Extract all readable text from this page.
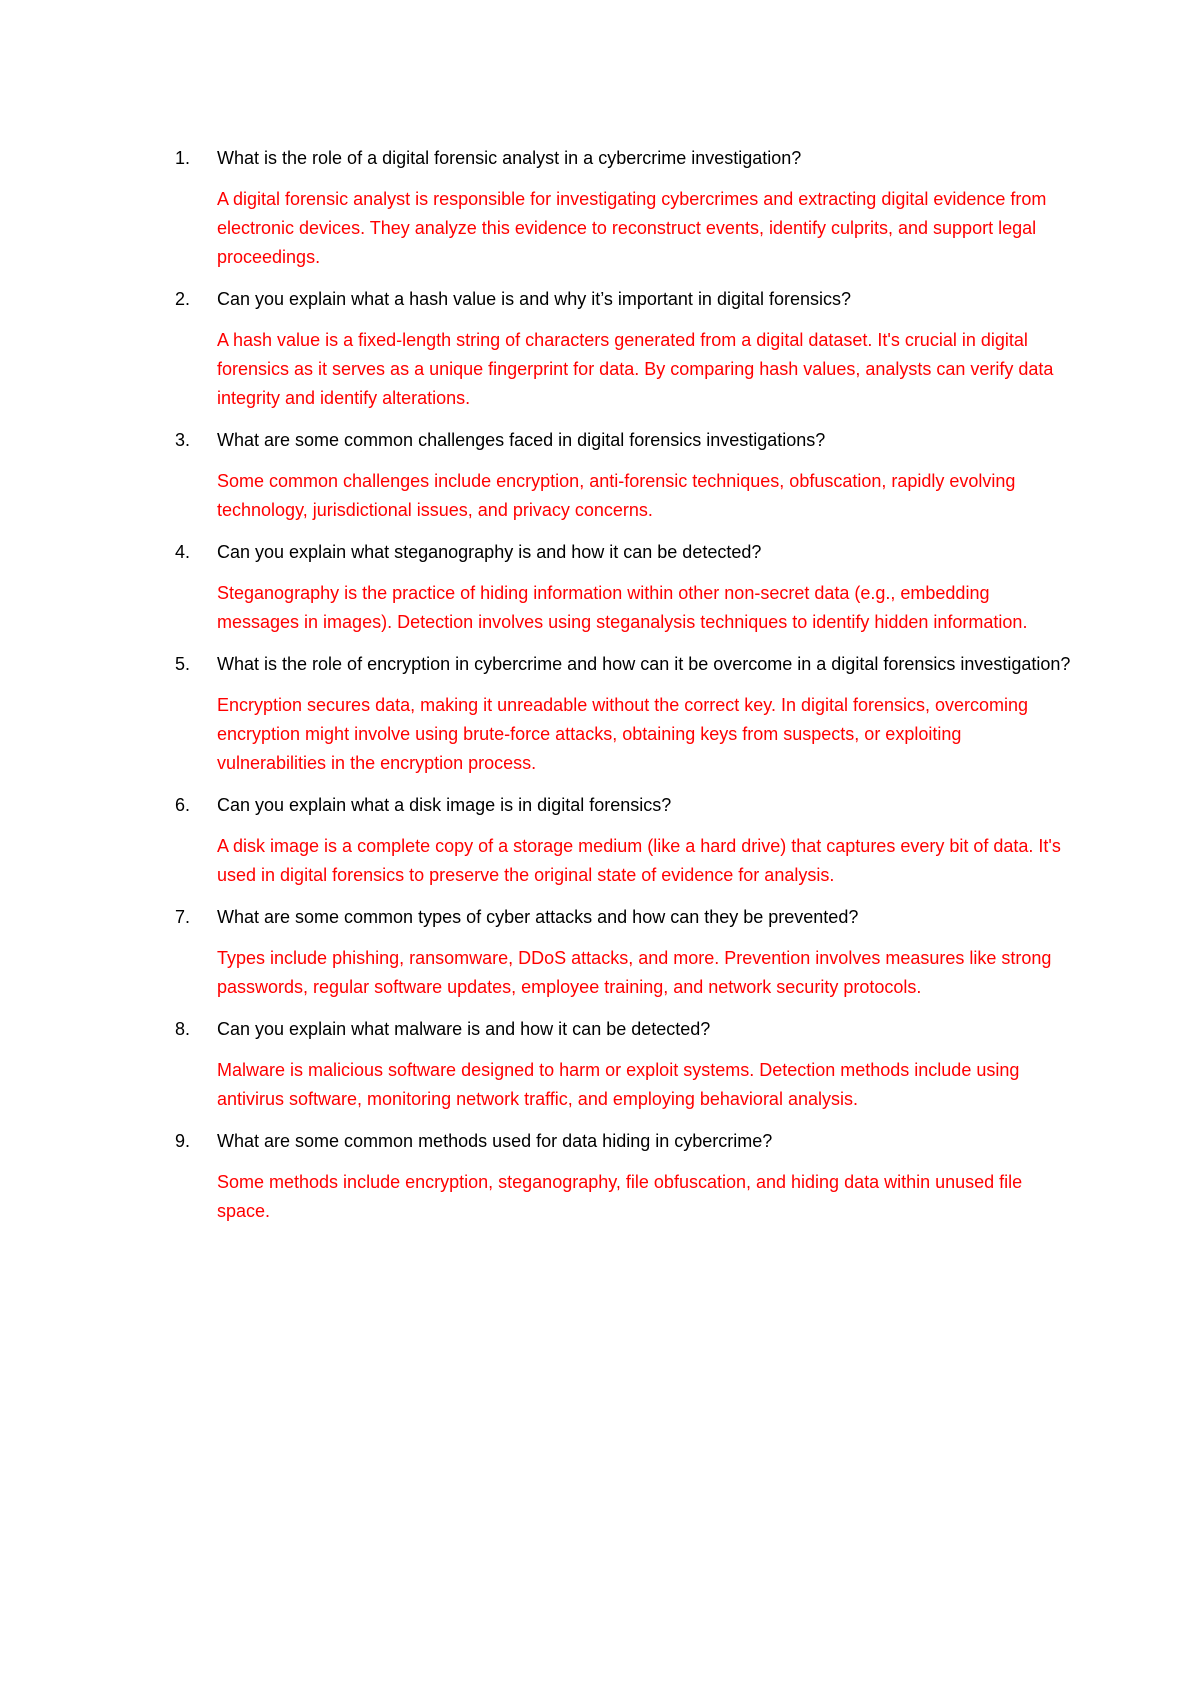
1. What is the role of a digital forensic analyst in a cybercrime investigation?

A digital forensic analyst is responsible for investigating cybercrimes and extracting digital evidence from electronic devices. They analyze this evidence to reconstruct events, identify culprits, and support legal proceedings.

2. Can you explain what a hash value is and why it’s important in digital forensics?

A hash value is a fixed-length string of characters generated from a digital dataset. It's crucial in digital forensics as it serves as a unique fingerprint for data. By comparing hash values, analysts can verify data integrity and identify alterations.

3. What are some common challenges faced in digital forensics investigations?

Some common challenges include encryption, anti-forensic techniques, obfuscation, rapidly evolving technology, jurisdictional issues, and privacy concerns.

4. Can you explain what steganography is and how it can be detected?

Steganography is the practice of hiding information within other non-secret data (e.g., embedding messages in images). Detection involves using steganalysis techniques to identify hidden information.

5. What is the role of encryption in cybercrime and how can it be overcome in a digital forensics investigation?

Encryption secures data, making it unreadable without the correct key. In digital forensics, overcoming encryption might involve using brute-force attacks, obtaining keys from suspects, or exploiting vulnerabilities in the encryption process.

6. Can you explain what a disk image is in digital forensics?

A disk image is a complete copy of a storage medium (like a hard drive) that captures every bit of data. It's used in digital forensics to preserve the original state of evidence for analysis.

7. What are some common types of cyber attacks and how can they be prevented?

Types include phishing, ransomware, DDoS attacks, and more. Prevention involves measures like strong passwords, regular software updates, employee training, and network security protocols.

8. Can you explain what malware is and how it can be detected?

Malware is malicious software designed to harm or exploit systems. Detection methods include using antivirus software, monitoring network traffic, and employing behavioral analysis.

9. What are some common methods used for data hiding in cybercrime?

Some methods include encryption, steganography, file obfuscation, and hiding data within unused file space.
